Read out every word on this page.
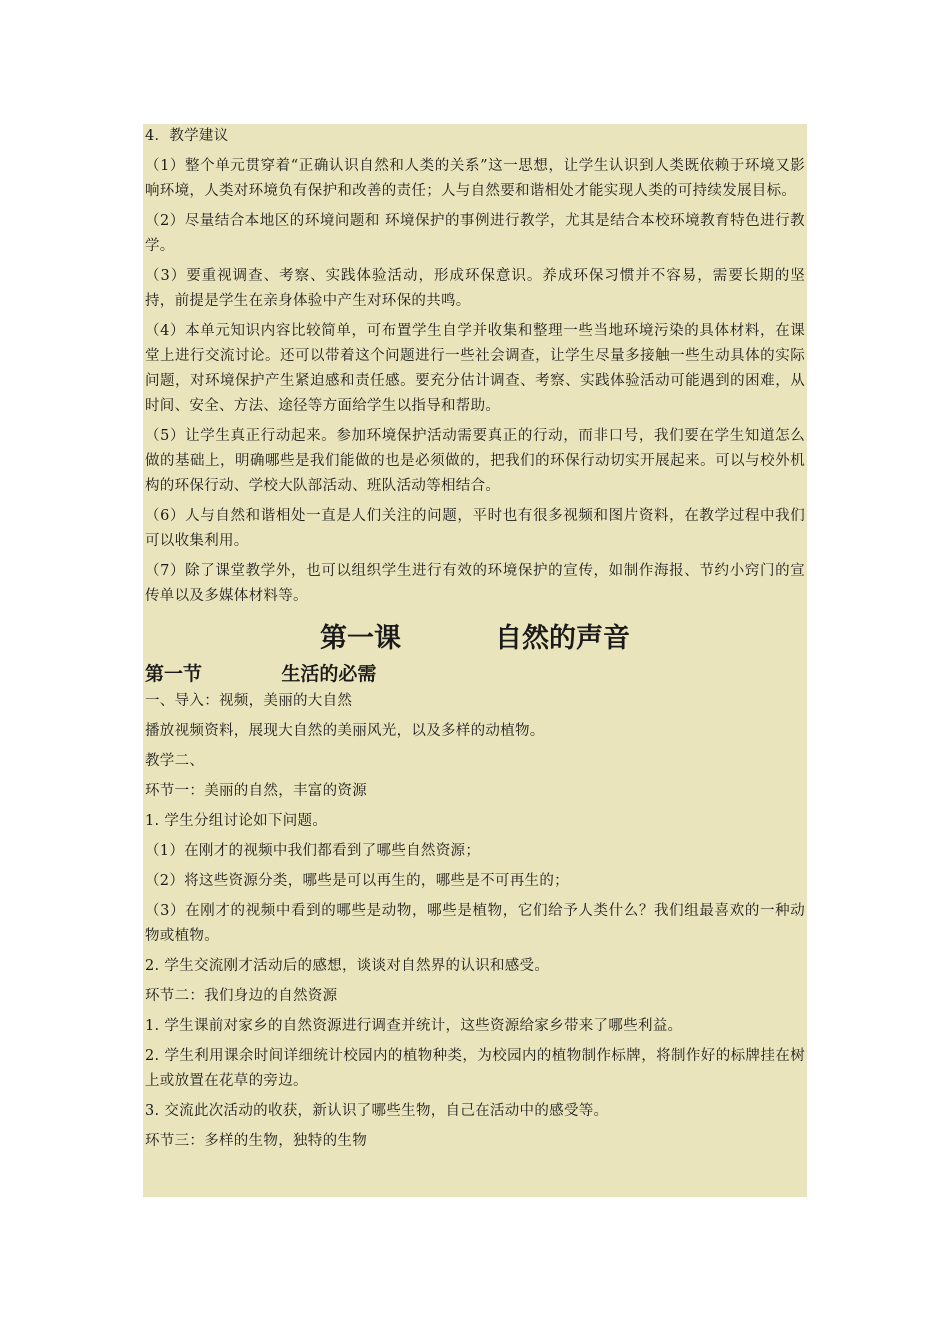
4．教学建议

（1）整个单元贯穿着“正确认识自然和人类的关系”这一思想，让学生认识到人类既依赖于环境又影响环境，人类对环境负有保护和改善的责任；人与自然要和谐相处才能实现人类的可持续发展目标。

（2）尽量结合本地区的环境问题和 环境保护的事例进行教学，尤其是结合本校环境教育特色进行教学。

（3）要重视调查、考察、实践体验活动，形成环保意识。养成环保习惯并不容易，需要长期的坚持，前提是学生在亲身体验中产生对环保的共鸣。

（4）本单元知识内容比较简单，可布置学生自学并收集和整理一些当地环境污染的具体材料，在课堂上进行交流讨论。还可以带着这个问题进行一些社会调查，让学生尽量多接触一些生动具体的实际问题，对环境保护产生紧迫感和责任感。要充分估计调查、考察、实践体验活动可能遇到的困难，从时间、安全、方法、途径等方面给学生以指导和帮助。

（5）让学生真正行动起来。参加环境保护活动需要真正的行动，而非口号，我们要在学生知道怎么做的基础上，明确哪些是我们能做的也是必须做的，把我们的环保行动切实开展起来。可以与校外机构的环保行动、学校大队部活动、班队活动等相结合。

（6）人与自然和谐相处一直是人们关注的问题，平时也有很多视频和图片资料，在教学过程中我们可以收集利用。

（7）除了课堂教学外，也可以组织学生进行有效的环境保护的宣传，如制作海报、节约小窍门的宣传单以及多媒体材料等。

第一课          自然的声音
第一节            生活的必需

一、导入：视频，美丽的大自然

播放视频资料，展现大自然的美丽风光，以及多样的动植物。

教学二、

环节一：美丽的自然，丰富的资源

1. 学生分组讨论如下问题。

（1）在刚才的视频中我们都看到了哪些自然资源；

（2）将这些资源分类，哪些是可以再生的，哪些是不可再生的；

（3）在刚才的视频中看到的哪些是动物，哪些是植物，它们给予人类什么？我们组最喜欢的一种动物或植物。

2. 学生交流刚才活动后的感想，谈谈对自然界的认识和感受。

环节二：我们身边的自然资源

1. 学生课前对家乡的自然资源进行调查并统计，这些资源给家乡带来了哪些利益。

2. 学生利用课余时间详细统计校园内的植物种类，为校园内的植物制作标牌，将制作好的标牌挂在树上或放置在花草的旁边。

3. 交流此次活动的收获，新认识了哪些生物，自己在活动中的感受等。

环节三：多样的生物，独特的生物
